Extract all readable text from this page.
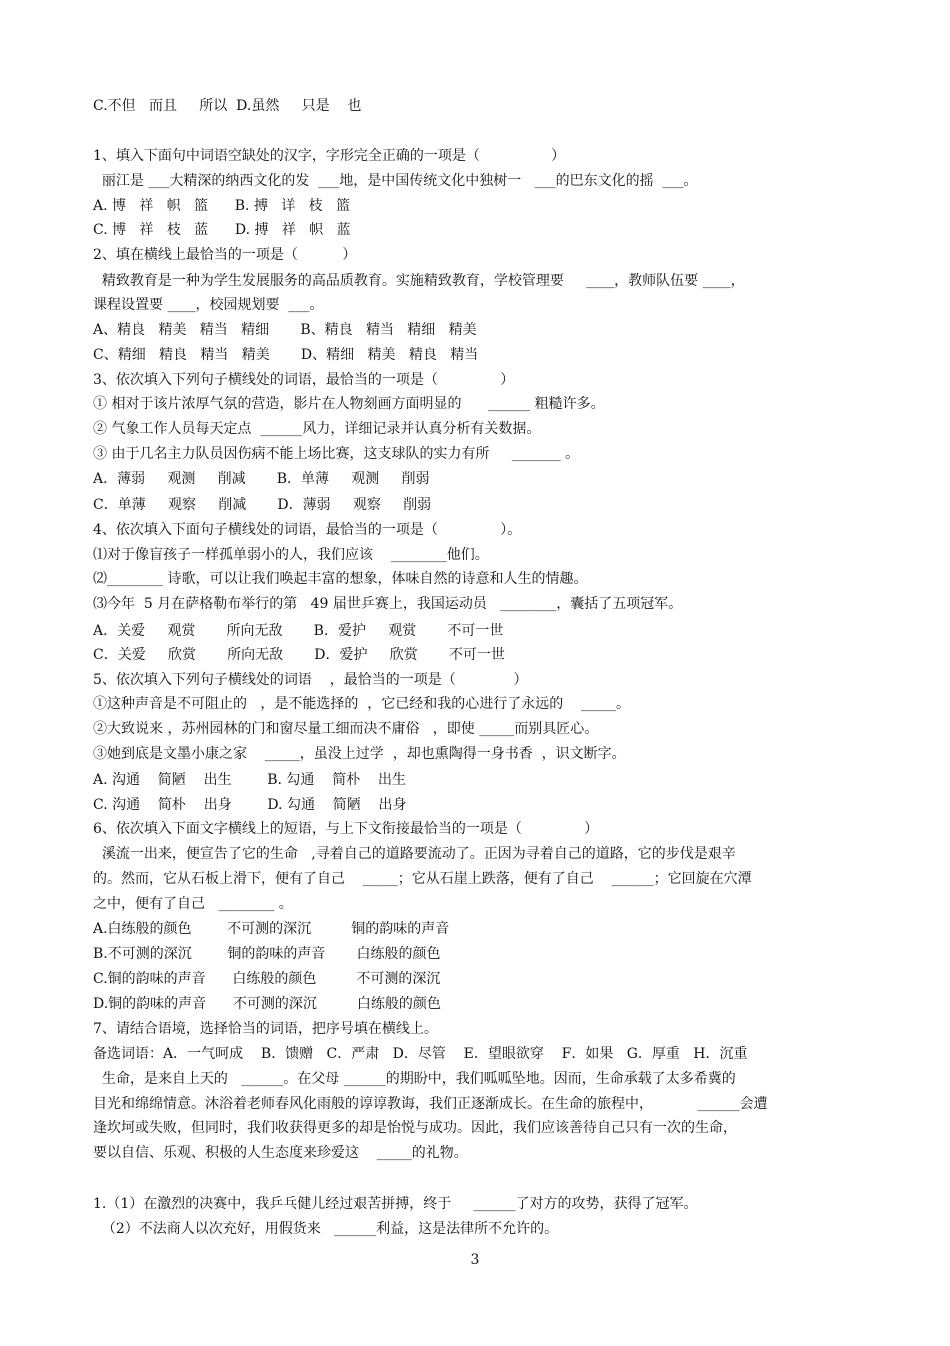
C.不但   而且     所以  D.虽然     只是    也
1、填入下面句中词语空缺处的汉字，字形完全正确的一项是（                ）
丽江是 ___大精深的纳西文化的发  ___地，是中国传统文化中独树一   ___的巴东文化的摇  ___。
A. 博   祥   帜   篮      B. 搏   详   枝   篮
C. 博   祥   枝   蓝      D. 搏   祥   帜   蓝
2、填在横线上最恰当的一项是（          ）
精致教育是一种为学生发展服务的高品质教育。实施精致教育，学校管理要     ____，教师队伍要 ____，
课程设置要 ____，校园规划要  ___。
A、精良   精美   精当   精细       B、精良   精当   精细   精美
C、精细   精良   精当   精美       D、精细   精美   精良   精当
3、依次填入下列句子横线处的词语，最恰当的一项是（              ）
① 相对于该片浓厚气氛的营造，影片在人物刻画方面明显的      ______ 粗糙许多。
② 气象工作人员每天定点  ______风力，详细记录并认真分析有关数据。
③ 由于几名主力队员因伤病不能上场比赛，这支球队的实力有所     _______ 。
A．薄弱     观测     削减       B．单薄     观测     削弱
C．单薄     观察     削减       D．薄弱     观察     削弱
4、依次填入下面句子横线处的词语，最恰当的一项是（              ）。
⑴对于像盲孩子一样孤单弱小的人，我们应该    ________他们。
⑵________ 诗歌，可以让我们唤起丰富的想象，体味自然的诗意和人生的情趣。
⑶今年  5 月在萨格勒布举行的第   49 届世乒赛上，我国运动员   ________，囊括了五项冠军。
A．关爱     观赏       所向无敌       B．爱护     观赏       不可一世
C．关爱     欣赏       所向无敌       D．爱护     欣赏       不可一世
5、依次填入下列句子横线处的词语    ，最恰当的一项是（             ）
①这种声音是不可阻止的   ，是不能选择的  ，它已经和我的心进行了永远的    _____。
②大致说来 ，苏州园林的门和窗尽量工细而决不庸俗   ，即使 _____而别具匠心。
③她到底是文墨小康之家    _____，虽没上过学  ，却也熏陶得一身书香  ，识文断字。
A. 沟通    简陋    出生        B. 勾通    简朴    出生
C. 沟通    简朴    出身        D. 勾通    简陋    出身
6、依次填入下面文字横线上的短语，与上下文衔接最恰当的一项是（              ）
溪流一出来，便宣告了它的生命   ,寻着自己的道路要流动了。正因为寻着自己的道路，它的步伐是艰辛
的。然而，它从石板上滑下，便有了自己    _____；它从石崖上跌落，便有了自己    ______；它回旋在穴潭
之中，便有了自己   ________ 。
A.白练般的颜色        不可测的深沉         铜的韵味的声音
B.不可测的深沉        铜的韵味的声音       白练般的颜色
C.铜的韵味的声音      白练般的颜色         不可测的深沉
D.铜的韵味的声音      不可测的深沉         白练般的颜色
7、请结合语境，选择恰当的词语，把序号填在横线上。
备选词语：A．一气呵成    B．馈赠   C．严肃   D．尽管    E．望眼欲穿    F．如果   G．厚重   H．沉重
生命，是来自上天的   ______。在父母 ______的期盼中，我们呱呱坠地。因而，生命承载了太多希冀的
目光和绵绵情意。沐浴着老师春风化雨般的谆谆教诲，我们正逐渐成长。在生命的旅程中，          ______会遭
逢坎坷或失败，但同时，我们收获得更多的却是怡悦与成功。因此，我们应该善待自己只有一次的生命，
要以自信、乐观、积极的人生态度来珍爱这    _____的礼物。
1.（1）在激烈的决赛中，我乒乓健儿经过艰苦拼搏，终于     ______了对方的攻势，获得了冠军。
（2）不法商人以次充好，用假货来   ______利益，这是法律所不允许的。
3
